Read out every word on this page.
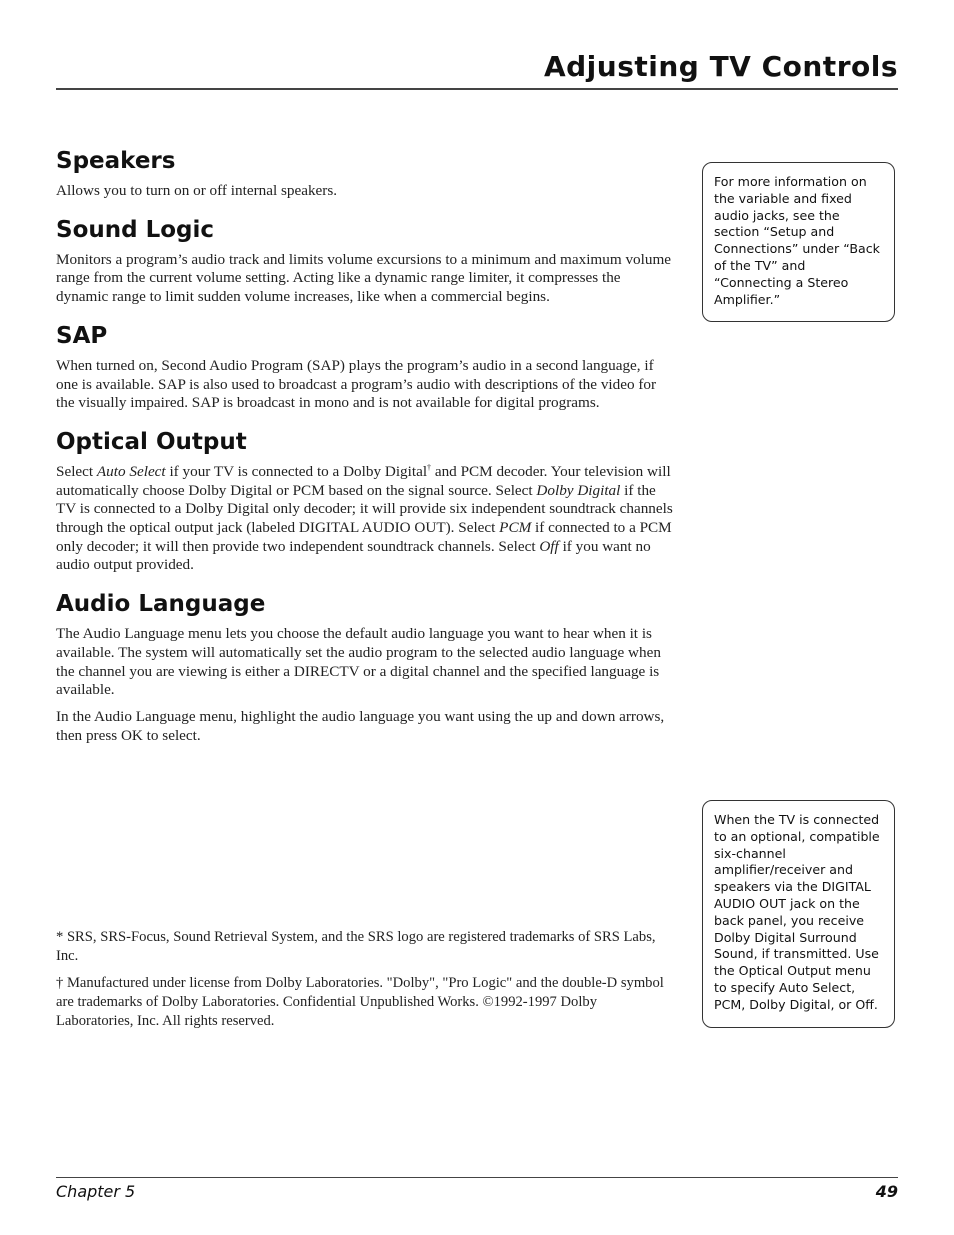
Adjusting TV Controls
Speakers

Allows you to turn on or off internal speakers.

Sound Logic

Monitors a program’s audio track and limits volume excursions to a minimum and maximum volume range from the current volume setting. Acting like a dynamic range limiter, it compresses the dynamic range to limit sudden volume increases, like when a commercial begins.

SAP

When turned on, Second Audio Program (SAP) plays the program’s audio in a second language, if one is available. SAP is also used to broadcast a program’s audio with descriptions of the video for the visually impaired. SAP is broadcast in mono and is not available for digital programs.

Optical Output

Select Auto Select if your TV is connected to a Dolby Digital† and PCM decoder. Your television will automatically choose Dolby Digital or PCM based on the signal source. Select Dolby Digital if the TV is connected to a Dolby Digital only decoder; it will provide six independent soundtrack channels through the optical output jack (labeled DIGITAL AUDIO OUT). Select PCM if connected to a PCM only decoder; it will then provide two independent soundtrack channels. Select Off if you want no audio output provided.

Audio Language

The Audio Language menu lets you choose the default audio language you want to hear when it is available. The system will automatically set the audio program to the selected audio language when the channel you are viewing is either a DIRECTV or a digital channel and the specified language is available.

In the Audio Language menu, highlight the audio language you want using the up and down arrows, then press OK to select.

* SRS, SRS-Focus, Sound Retrieval System, and the SRS logo are registered trademarks of SRS Labs, Inc.

† Manufactured under license from Dolby Laboratories. "Dolby", "Pro Logic" and the double-D symbol are trademarks of Dolby Laboratories. Confidential Unpublished Works. ©1992-1997 Dolby Laboratories, Inc. All rights reserved.

For more information on the variable and fixed audio jacks, see the section “Setup and Connections” under “Back of the TV” and “Connecting a Stereo Amplifier.”
When the TV is connected to an optional, compatible six-channel amplifier/receiver and speakers via the DIGITAL AUDIO OUT jack on the back panel, you receive Dolby Digital Surround Sound, if transmitted. Use the Optical Output menu to specify Auto Select, PCM, Dolby Digital, or Off.
Chapter 5	49
